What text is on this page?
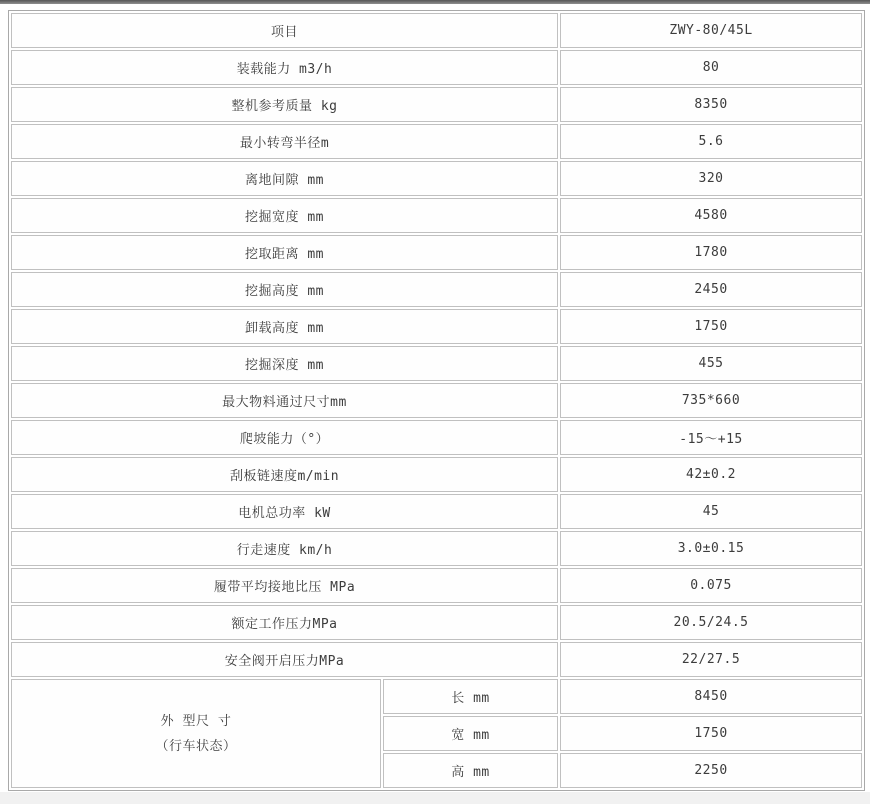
项目		ZWY-80/45L
装载能力 m3/h		80
整机参考质量 kg		8350
最小转弯半径m		5.6
离地间隙 mm		320
挖掘宽度 mm		4580
挖取距离 mm		1780
挖掘高度 mm		2450
卸载高度 mm		1750
挖掘深度 mm		455
最大物料通过尺寸mm		735*660
爬坡能力（°）		-15～+15
刮板链速度m/min		42±0.2
电机总功率 kW		45
行走速度 km/h		3.0±0.15
履带平均接地比压 MPa		0.075
额定工作压力MPa		20.5/24.5
安全阀开启压力MPa		22/27.5

外 型尺 寸
（行车状态）	长 mm	8450
	宽 mm	1750
	高 mm	2250
